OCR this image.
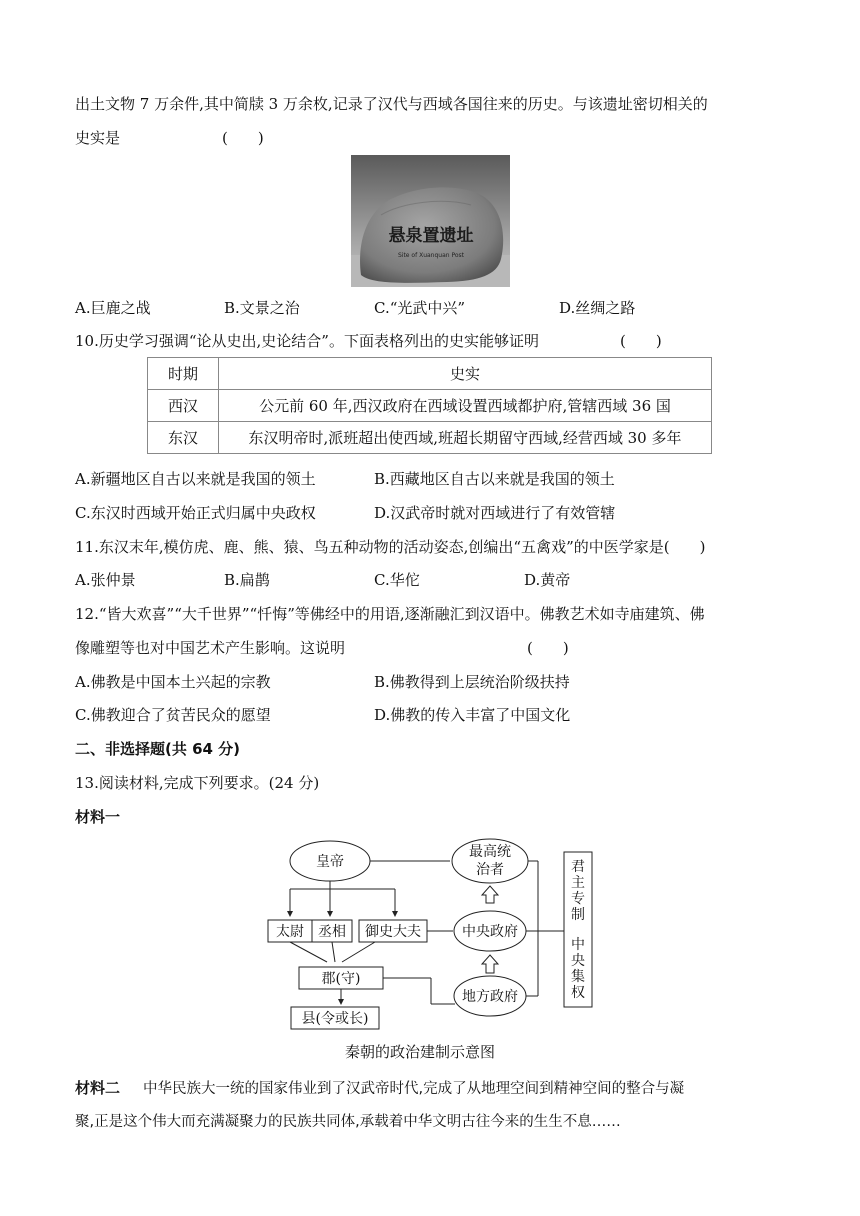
出土文物 7 万余件,其中简牍 3 万余枚,记录了汉代与西域各国往来的历史。与该遗址密切相关的
史实是	(　　)
悬泉置遗址
Site of Xuanquan Post
A.巨鹿之战	B.文景之治	C.“光武中兴”	D.丝绸之路
10.历史学习强调“论从史出,史论结合”。下面表格列出的史实能够证明	(　　)
时期	史实
西汉	公元前 60 年,西汉政府在西域设置西域都护府,管辖西域 36 国
东汉	东汉明帝时,派班超出使西域,班超长期留守西域,经营西域 30 多年
A.新疆地区自古以来就是我国的领土	B.西藏地区自古以来就是我国的领土
C.东汉时西域开始正式归属中央政权	D.汉武帝时就对西域进行了有效管辖
11.东汉末年,模仿虎、鹿、熊、猿、鸟五种动物的活动姿态,创编出“五禽戏”的中医学家是(　　)
A.张仲景	B.扁鹊	C.华佗	D.黄帝
12.“皆大欢喜”“大千世界”“忏悔”等佛经中的用语,逐渐融汇到汉语中。佛教艺术如寺庙建筑、佛
像雕塑等也对中国艺术产生影响。这说明	(　　)
A.佛教是中国本土兴起的宗教	B.佛教得到上层统治阶级扶持
C.佛教迎合了贫苦民众的愿望	D.佛教的传入丰富了中国文化
二、非选择题(共 64 分)
13.阅读材料,完成下列要求。(24 分)
材料一
皇帝
太尉 丞相 御史大夫
郡(守)
县(令或长)
最高统
治者
中央政府
地方政府
君
主
专
制
中
央
集
权
秦朝的政治建制示意图
材料二 中华民族大一统的国家伟业到了汉武帝时代,完成了从地理空间到精神空间的整合与凝
聚,正是这个伟大而充满凝聚力的民族共同体,承载着中华文明古往今来的生生不息……
